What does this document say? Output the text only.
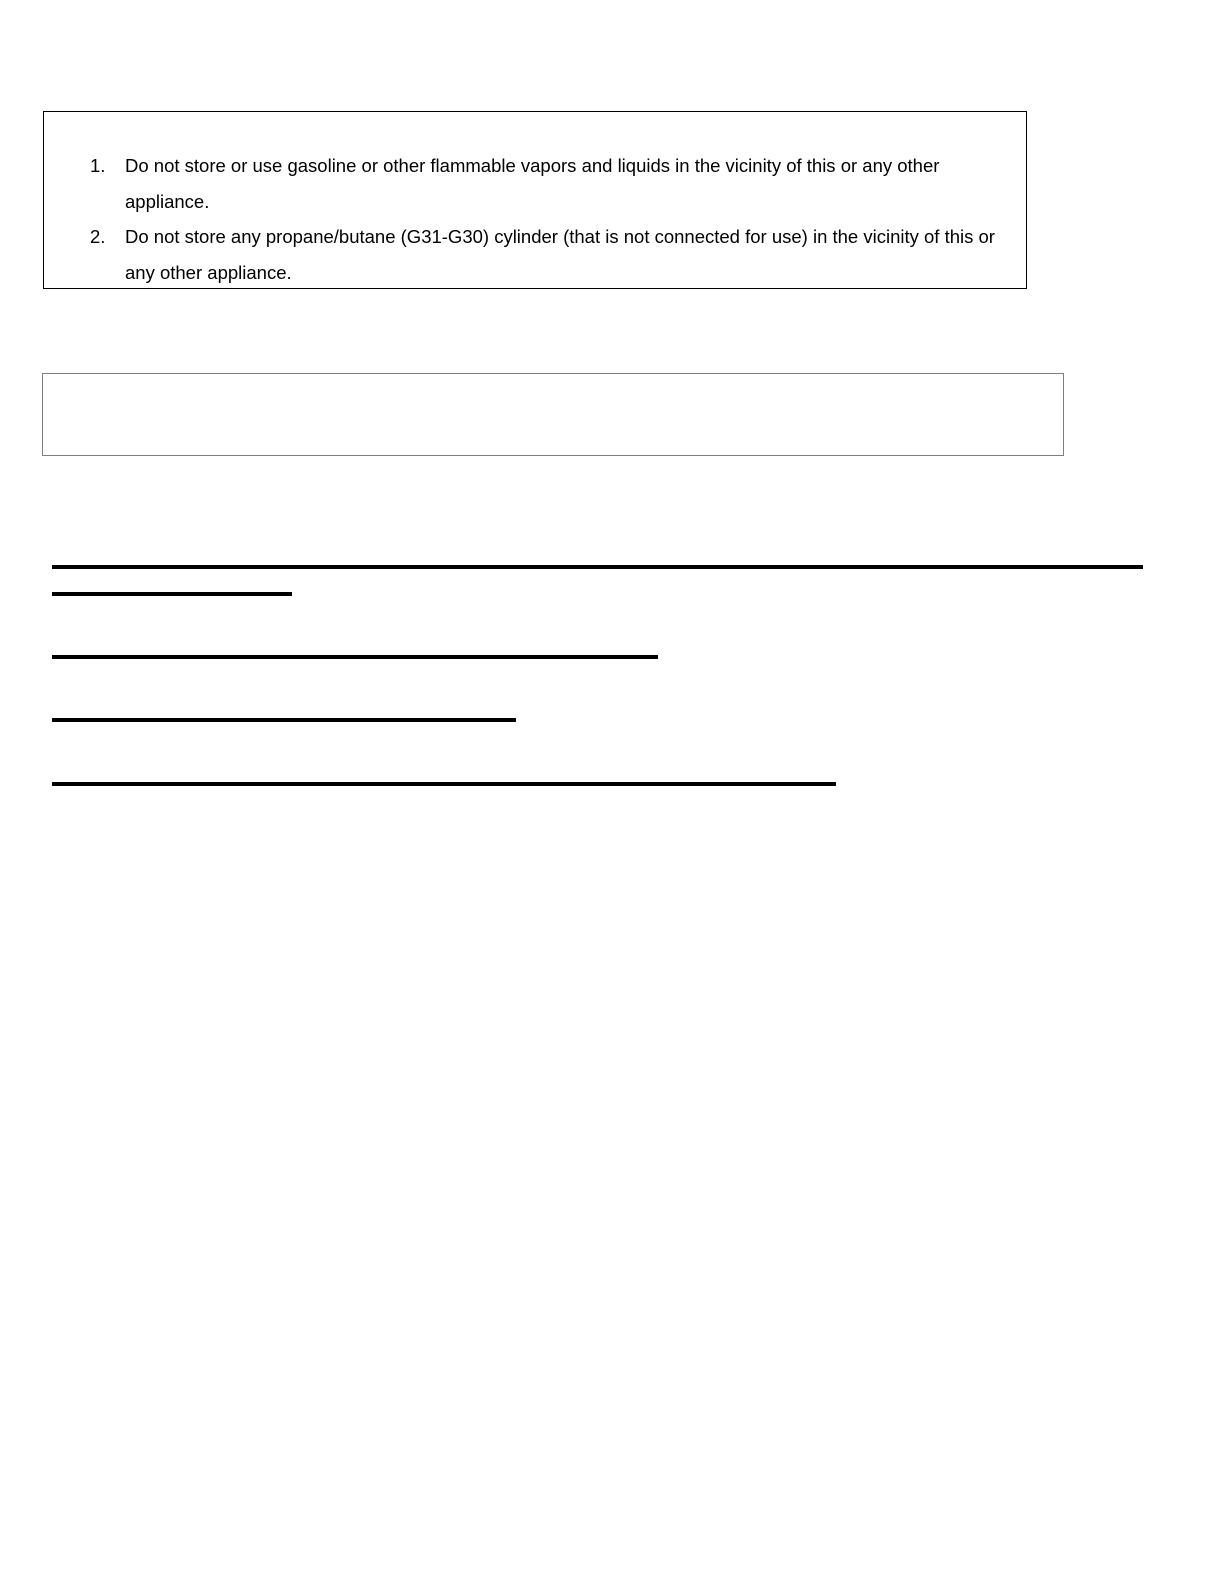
1. Do not store or use gasoline or other flammable vapors and liquids in the vicinity of this or any other appliance.
2. Do not store any propane/butane (G31-G30) cylinder (that is not connected for use) in the vicinity of this or any other appliance.
